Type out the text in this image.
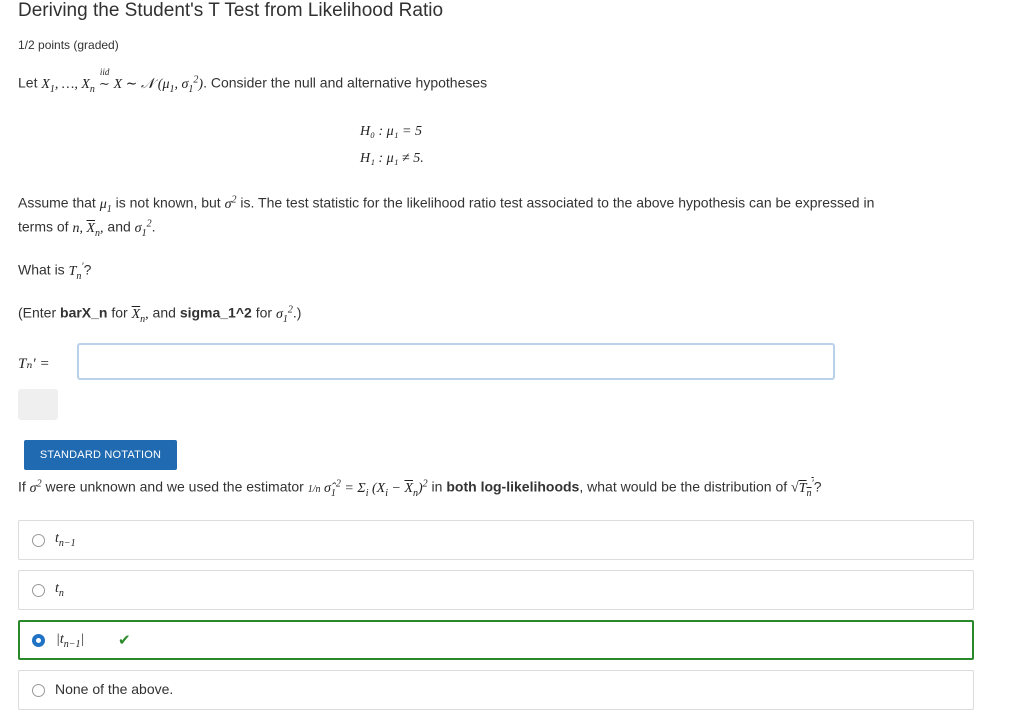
Deriving the Student's T Test from Likelihood Ratio
1/2 points (graded)
Let $X_1$, …, $X_n$
iid
∼ X ∼ 𝒩 ($\mu_1$, $\sigma_1^2$). Consider the null and alternative hypotheses
H₀ : μ₁ = 5
H₁ : μ₁ ≠ 5.
Assume that $\mu_1$ is not known, but $\sigma^2$ is. The test statistic for the likelihood ratio test associated to the above hypothesis can be expressed in
terms of n, $\overline{X}_n$, and $\sigma_1^2$.
What is $T_n'$?
(Enter barX_n for $\overline{X}_n$, and sigma_1^2 for $\sigma_1^2$.)
Tₙ′ =
STANDARD NOTATION
If $\sigma^2$ were unknown and we used the estimator 1/n $\sigmâ_1^2 = \Sigma_i$ $(X_i - \overline{X}_n)^2$ in both log-likelihoods, what would be the distribution of $√T_n'$?
$t_{n-1}$
$t_n$
$|t_{n-1}|$ ✔
None of the above.
